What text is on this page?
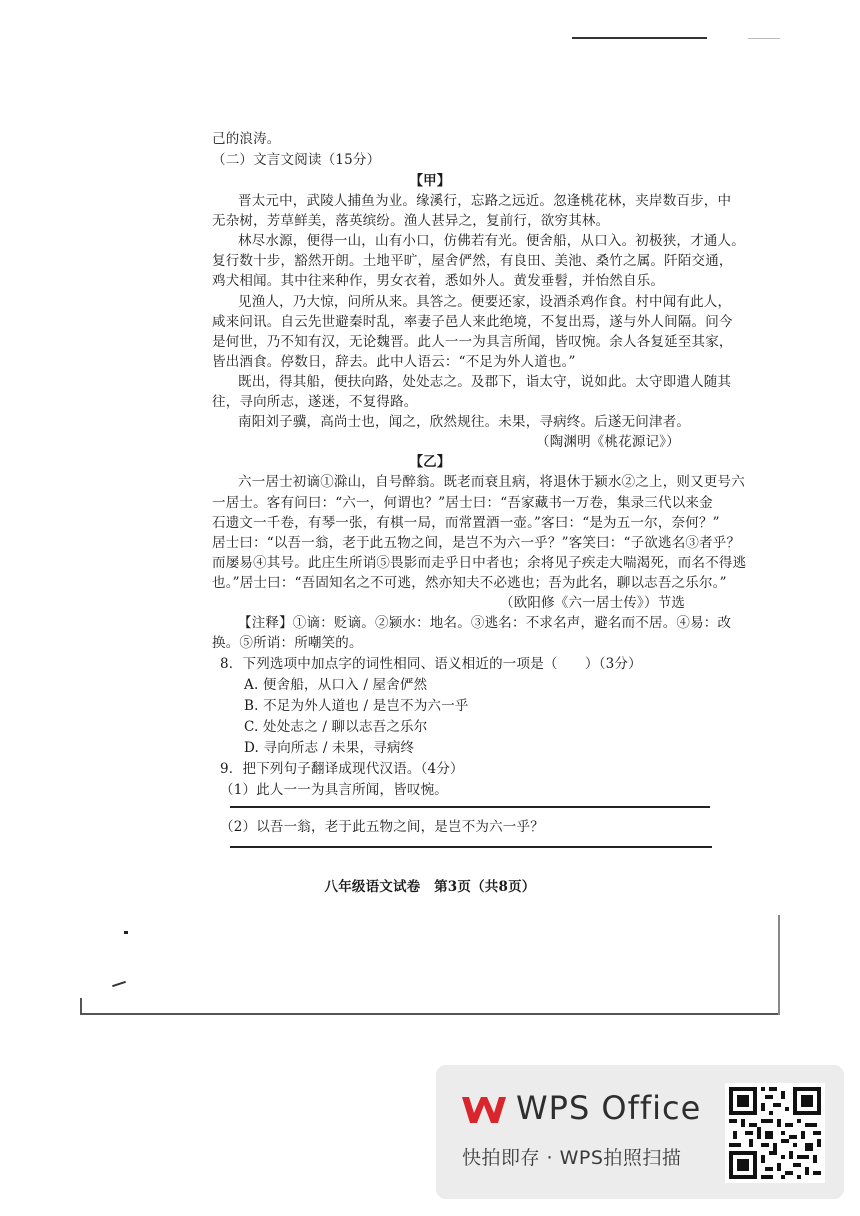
己的浪涛。
（二）文言文阅读（15分）
【甲】
晋太元中，武陵人捕鱼为业。缘溪行，忘路之远近。忽逢桃花林，夹岸数百步，中
无杂树，芳草鲜美，落英缤纷。渔人甚异之，复前行，欲穷其林。
林尽水源，便得一山，山有小口，仿佛若有光。便舍船，从口入。初极狭，才通人。
复行数十步，豁然开朗。土地平旷，屋舍俨然，有良田、美池、桑竹之属。阡陌交通，
鸡犬相闻。其中往来种作，男女衣着，悉如外人。黄发垂髫，并怡然自乐。
见渔人，乃大惊，问所从来。具答之。便要还家，设酒杀鸡作食。村中闻有此人，
咸来问讯。自云先世避秦时乱，率妻子邑人来此绝境，不复出焉，遂与外人间隔。问今
是何世，乃不知有汉，无论魏晋。此人一一为具言所闻，皆叹惋。余人各复延至其家，
皆出酒食。停数日，辞去。此中人语云：“不足为外人道也。”
既出，得其船，便扶向路，处处志之。及郡下，诣太守，说如此。太守即遣人随其
往，寻向所志，遂迷，不复得路。
南阳刘子骥，高尚士也，闻之，欣然规往。未果，寻病终。后遂无问津者。
（陶渊明《桃花源记》）
【乙】
六一居士初谪①滁山，自号醉翁。既老而衰且病，将退休于颍水②之上，则又更号六
一居士。客有问曰：“六一，何谓也？”居士曰：“吾家藏书一万卷，集录三代以来金
石遗文一千卷，有琴一张，有棋一局，而常置酒一壶。”客曰：“是为五一尔，奈何？”
居士曰：“以吾一翁，老于此五物之间，是岂不为六一乎？”客笑曰：“子欲逃名③者乎？
而屡易④其号。此庄生所诮⑤畏影而走乎日中者也；余将见子疾走大喘渴死，而名不得逃
也。”居士曰：“吾固知名之不可逃，然亦知夫不必逃也；吾为此名，聊以志吾之乐尔。”
（欧阳修《六一居士传》）节选
【注释】①谪：贬谪。②颍水：地名。③逃名：不求名声，避名而不居。④易：改
换。⑤所诮：所嘲笑的。
8．下列选项中加点字的词性相同、语义相近的一项是（　　）（3分）
A. 便舍船，从口入 / 屋舍俨然
B. 不足为外人道也 / 是岂不为六一乎
C. 处处志之 / 聊以志吾之乐尔
D. 寻向所志 / 未果，寻病终
9．把下列句子翻译成现代汉语。（4分）
（1）此人一一为具言所闻，皆叹惋。
（2）以吾一翁，老于此五物之间，是岂不为六一乎？
八年级语文试卷　第3页（共8页）
WPS Office
快拍即存 · WPS拍照扫描
